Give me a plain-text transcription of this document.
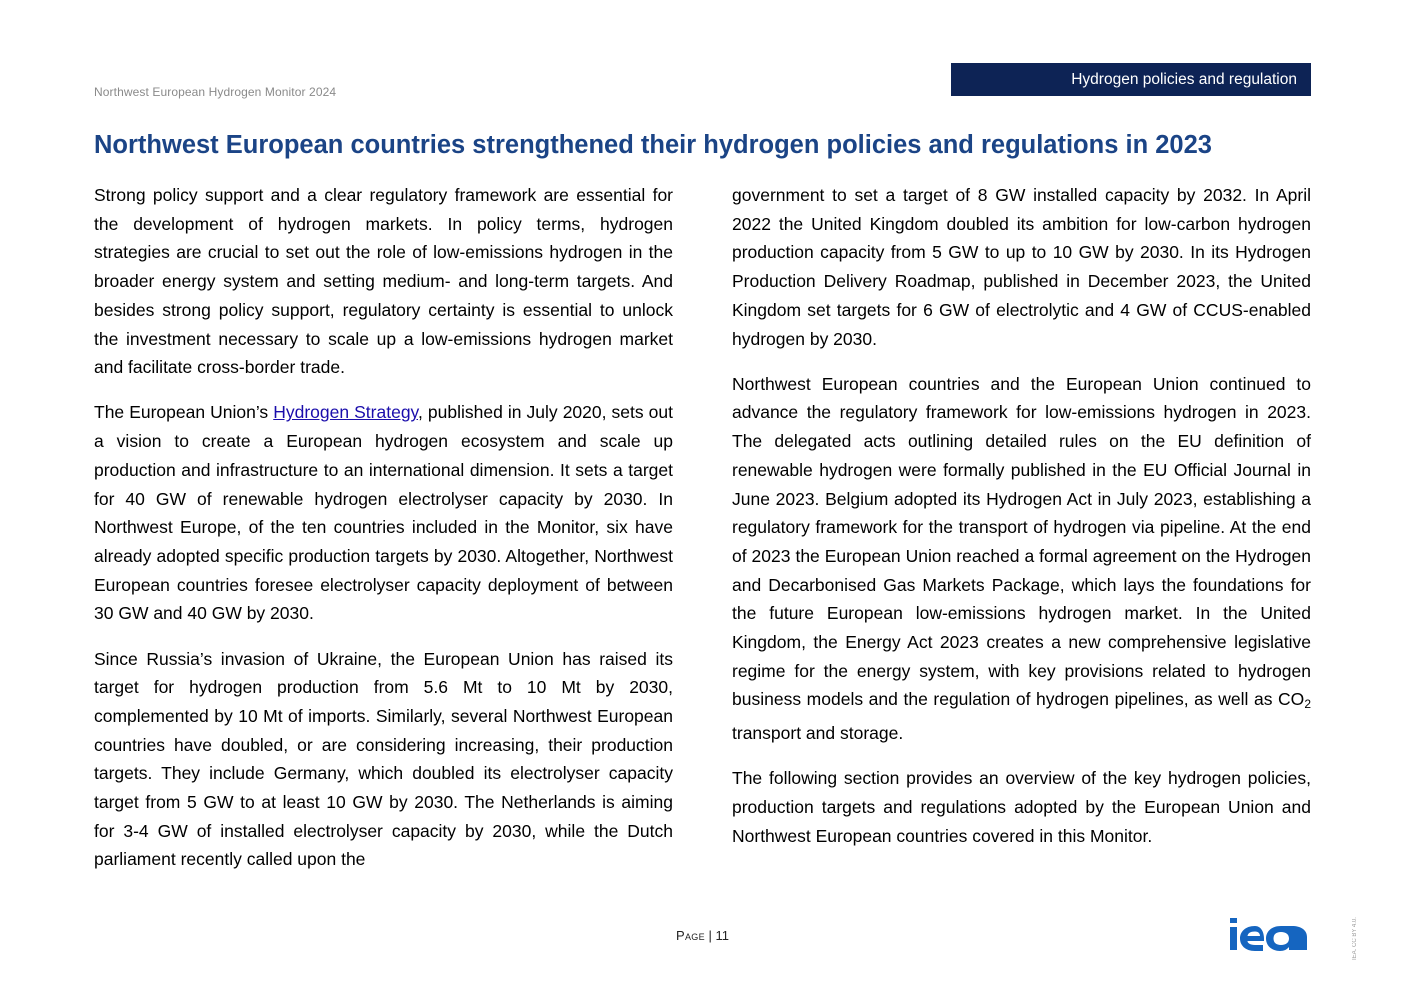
Northwest European Hydrogen Monitor 2024
Hydrogen policies and regulation
Northwest European countries strengthened their hydrogen policies and regulations in 2023

Strong policy support and a clear regulatory framework are essential for the development of hydrogen markets. In policy terms, hydrogen strategies are crucial to set out the role of low-emissions hydrogen in the broader energy system and setting medium- and long-term targets. And besides strong policy support, regulatory certainty is essential to unlock the investment necessary to scale up a low-emissions hydrogen market and facilitate cross-border trade.

The European Union’s Hydrogen Strategy, published in July 2020, sets out a vision to create a European hydrogen ecosystem and scale up production and infrastructure to an international dimension. It sets a target for 40 GW of renewable hydrogen electrolyser capacity by 2030. In Northwest Europe, of the ten countries included in the Monitor, six have already adopted specific production targets by 2030. Altogether, Northwest European countries foresee electrolyser capacity deployment of between 30 GW and 40 GW by 2030.

Since Russia’s invasion of Ukraine, the European Union has raised its target for hydrogen production from 5.6 Mt to 10 Mt by 2030, complemented by 10 Mt of imports. Similarly, several Northwest European countries have doubled, or are considering increasing, their production targets. They include Germany, which doubled its electrolyser capacity target from 5 GW to at least 10 GW by 2030. The Netherlands is aiming for 3-4 GW of installed electrolyser capacity by 2030, while the Dutch parliament recently called upon the

government to set a target of 8 GW installed capacity by 2032. In April 2022 the United Kingdom doubled its ambition for low-carbon hydrogen production capacity from 5 GW to up to 10 GW by 2030. In its Hydrogen Production Delivery Roadmap, published in December 2023, the United Kingdom set targets for 6 GW of electrolytic and 4 GW of CCUS-enabled hydrogen by 2030.

Northwest European countries and the European Union continued to advance the regulatory framework for low-emissions hydrogen in 2023. The delegated acts outlining detailed rules on the EU definition of renewable hydrogen were formally published in the EU Official Journal in June 2023. Belgium adopted its Hydrogen Act in July 2023, establishing a regulatory framework for the transport of hydrogen via pipeline. At the end of 2023 the European Union reached a formal agreement on the Hydrogen and Decarbonised Gas Markets Package, which lays the foundations for the future European low-emissions hydrogen market. In the United Kingdom, the Energy Act 2023 creates a new comprehensive legislative regime for the energy system, with key provisions related to hydrogen business models and the regulation of hydrogen pipelines, as well as $CO_2$ transport and storage.

The following section provides an overview of the key hydrogen policies, production targets and regulations adopted by the European Union and Northwest European countries covered in this Monitor.

Page | 11	IEA. CC BY 4.0.
